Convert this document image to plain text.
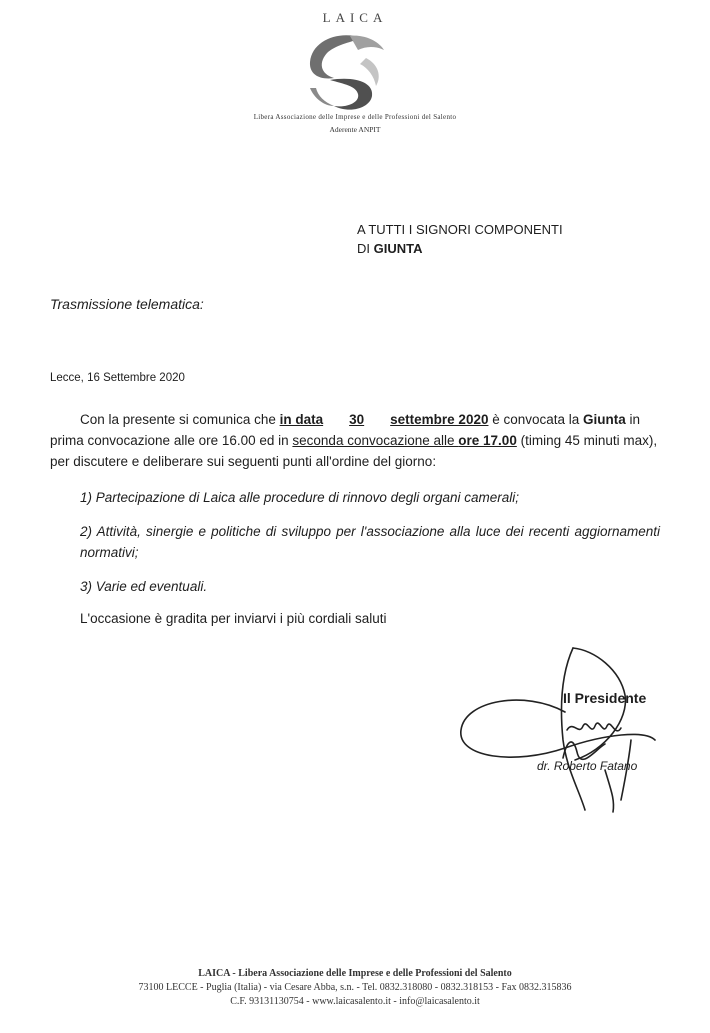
LAICA
Libera Associazione delle Imprese e delle Professioni del Salento
Aderente ANPIT
A TUTTI I SIGNORI COMPONENTI
DI GIUNTA
Trasmissione telematica:
Lecce, 16 Settembre 2020
Con la presente si comunica che in data 30 settembre 2020 è convocata la Giunta in prima convocazione alle ore 16.00 ed in seconda convocazione alle ore 17.00 (timing 45 minuti max), per discutere e deliberare sui seguenti punti all'ordine del giorno:
1) Partecipazione di Laica alle procedure di rinnovo degli organi camerali;
2) Attività, sinergie e politiche di sviluppo per l'associazione alla luce dei recenti aggiornamenti normativi;
3) Varie ed eventuali.
L'occasione è gradita per inviarvi i più cordiali saluti
Il Presidente
dr. Roberto Fatano
LAICA - Libera Associazione delle Imprese e delle Professioni del Salento
73100 LECCE - Puglia (Italia) - via Cesare Abba, s.n. - Tel. 0832.318080 - 0832.318153 - Fax 0832.315836
C.F. 93131130754 - www.laicasalento.it - info@laicasalento.it
